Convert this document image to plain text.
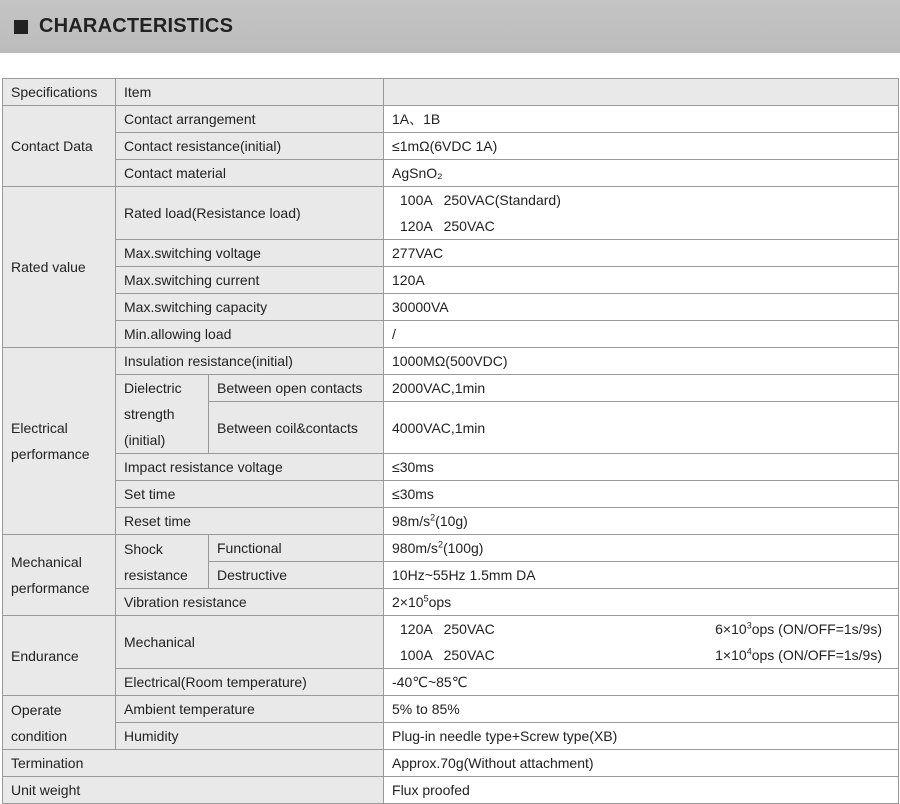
CHARACTERISTICS
Specifications	Item		
Contact Data	Contact arrangement		1A、1B
	Contact resistance(initial)		≤1mΩ(6VDC 1A)
	Contact material		AgSnO₂
Rated value	Rated load(Resistance load)		100A   250VAC(Standard)
120A   250VAC

	Max.switching voltage		277VAC
	Max.switching current		120A
	Max.switching capacity		30000VA
	Min.allowing load		/
Electrical
performance	Insulation resistance(initial)		1000MΩ(500VDC)
	Dielectric
strength
(initial)	Between open contacts	2000VAC,1min
		Between coil&contacts	4000VAC,1min
	Impact resistance voltage		≤30ms
	Set time		≤30ms
	Reset time		$98m/s^2(10g)$
Mechanical
performance	Shock
resistance	Functional	$980m/s^2(100g)$
		Destructive	10Hz~55Hz 1.5mm DA
	Vibration resistance		$2\times 10^5ops$
Endurance	Mechanical		120A   250VAC $6\times 10^3ops$ (ON/OFF=1s/9s)
100A   250VAC $1\times 10^4ops$ (ON/OFF=1s/9s)

	Electrical(Room temperature)		-40℃~85℃
Operate
condition	Ambient temperature		5% to 85%
	Humidity		Plug-in needle type+Screw type(XB)
Termination			Approx.70g(Without attachment)
Unit weight			Flux proofed
